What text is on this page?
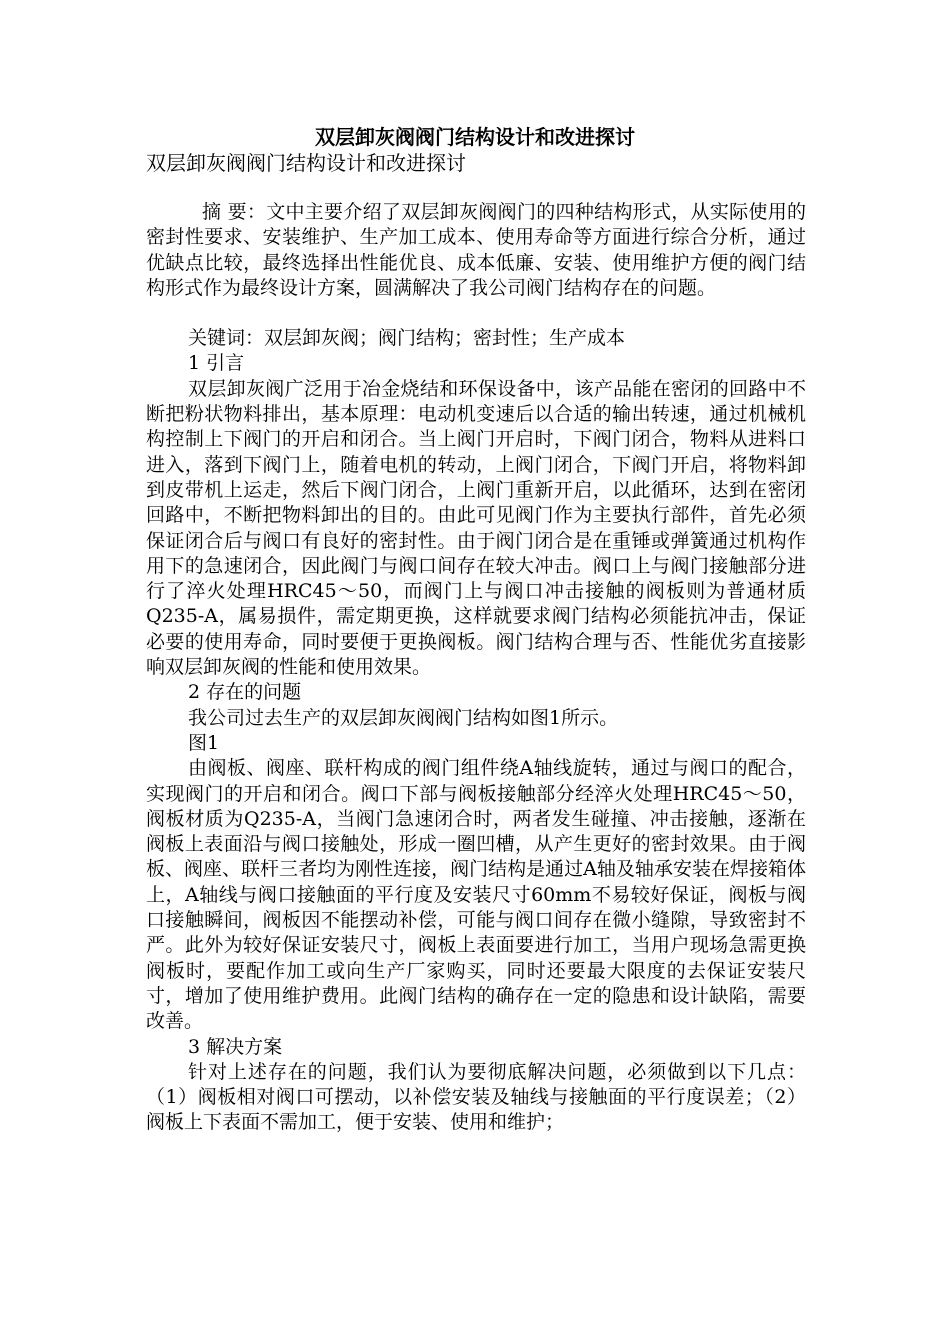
双层卸灰阀阀门结构设计和改进探讨
双层卸灰阀阀门结构设计和改进探讨

摘 要：文中主要介绍了双层卸灰阀阀门的四种结构形式，从实际使用的密封性要求、安装维护、生产加工成本、使用寿命等方面进行综合分析，通过优缺点比较，最终选择出性能优良、成本低廉、安装、使用维护方便的阀门结构形式作为最终设计方案，圆满解决了我公司阀门结构存在的问题。

关键词：双层卸灰阀；阀门结构；密封性；生产成本

1 引言

双层卸灰阀广泛用于冶金烧结和环保设备中，该产品能在密闭的回路中不断把粉状物料排出，基本原理：电动机变速后以合适的输出转速，通过机械机构控制上下阀门的开启和闭合。当上阀门开启时，下阀门闭合，物料从进料口进入，落到下阀门上，随着电机的转动，上阀门闭合，下阀门开启，将物料卸到皮带机上运走，然后下阀门闭合，上阀门重新开启，以此循环，达到在密闭回路中，不断把物料卸出的目的。由此可见阀门作为主要执行部件，首先必须保证闭合后与阀口有良好的密封性。由于阀门闭合是在重锤或弹簧通过机构作用下的急速闭合，因此阀门与阀口间存在较大冲击。阀口上与阀门接触部分进行了淬火处理HRC45～50，而阀门上与阀口冲击接触的阀板则为普通材质Q235-A，属易损件，需定期更换，这样就要求阀门结构必须能抗冲击，保证必要的使用寿命，同时要便于更换阀板。阀门结构合理与否、性能优劣直接影响双层卸灰阀的性能和使用效果。

2 存在的问题

我公司过去生产的双层卸灰阀阀门结构如图1所示。

图1

由阀板、阀座、联杆构成的阀门组件绕A轴线旋转，通过与阀口的配合，实现阀门的开启和闭合。阀口下部与阀板接触部分经淬火处理HRC45～50，阀板材质为Q235-A，当阀门急速闭合时，两者发生碰撞、冲击接触，逐渐在阀板上表面沿与阀口接触处，形成一圈凹槽，从产生更好的密封效果。由于阀板、阀座、联杆三者均为刚性连接，阀门结构是通过A轴及轴承安装在焊接箱体上，A轴线与阀口接触面的平行度及安装尺寸60mm不易较好保证，阀板与阀口接触瞬间，阀板因不能摆动补偿，可能与阀口间存在微小缝隙，导致密封不严。此外为较好保证安装尺寸，阀板上表面要进行加工，当用户现场急需更换阀板时，要配作加工或向生产厂家购买，同时还要最大限度的去保证安装尺寸，增加了使用维护费用。此阀门结构的确存在一定的隐患和设计缺陷，需要改善。

3 解决方案

针对上述存在的问题，我们认为要彻底解决问题，必须做到以下几点：（1）阀板相对阀口可摆动，以补偿安装及轴线与接触面的平行度误差；（2）阀板上下表面不需加工，便于安装、使用和维护；
